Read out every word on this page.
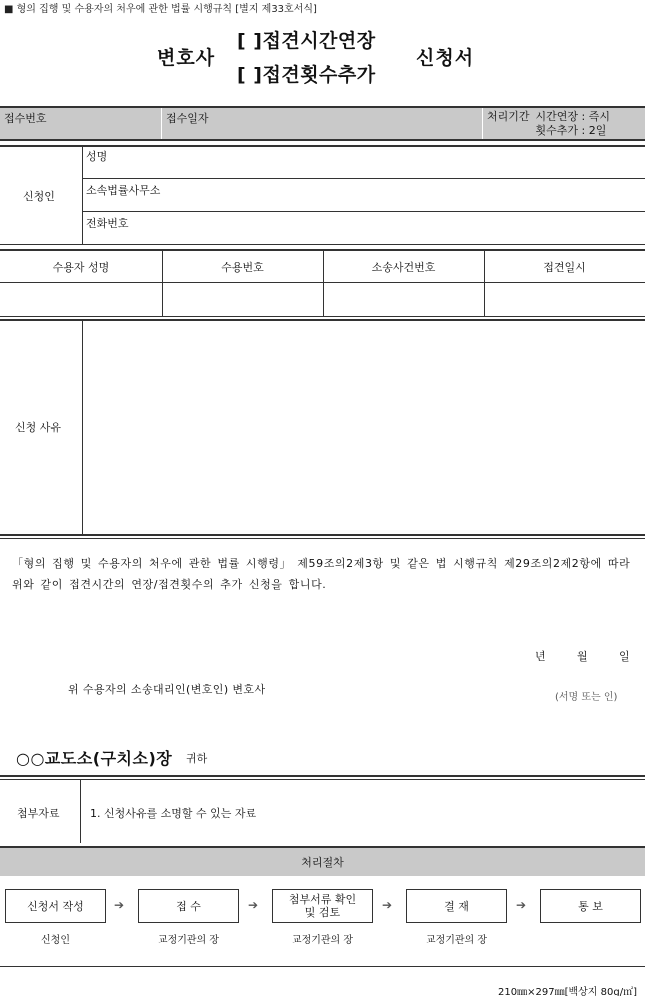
■ 형의 집행 및 수용자의 처우에 관한 법률 시행규칙 [별지 제33호서식]
변호사
[ ]접견시간연장
[ ]접견횟수추가
신청서
접수번호	접수일자	처리기간 시간연장 : 즉시
횟수추가 : 2일
신청인
성명
소속법률사무소
전화번호
수용자 성명	수용번호	소송사건번호	접견일시
신청 사유
「형의 집행 및 수용자의 처우에 관한 법률 시행령」 제59조의2제3항 및 같은 법 시행규칙 제29조의2제2항에 따라 위와 같이 접견시간의 연장/접견횟수의 추가 신청을 합니다.
년	월	일
위 수용자의 소송대리인(변호인) 변호사
(서명 또는 인)
○○교도소(구치소)장 귀하
첨부자료	1. 신청사유를 소명할 수 있는 자료
처리절차
신청서 작성	➔	접 수	➔	첨부서류 확인
및 검토
➔	결 재	➔	통 보
신청인	교정기관의 장	교정기관의 장	교정기관의 장
210㎜×297㎜[백상지 80g/㎡]
